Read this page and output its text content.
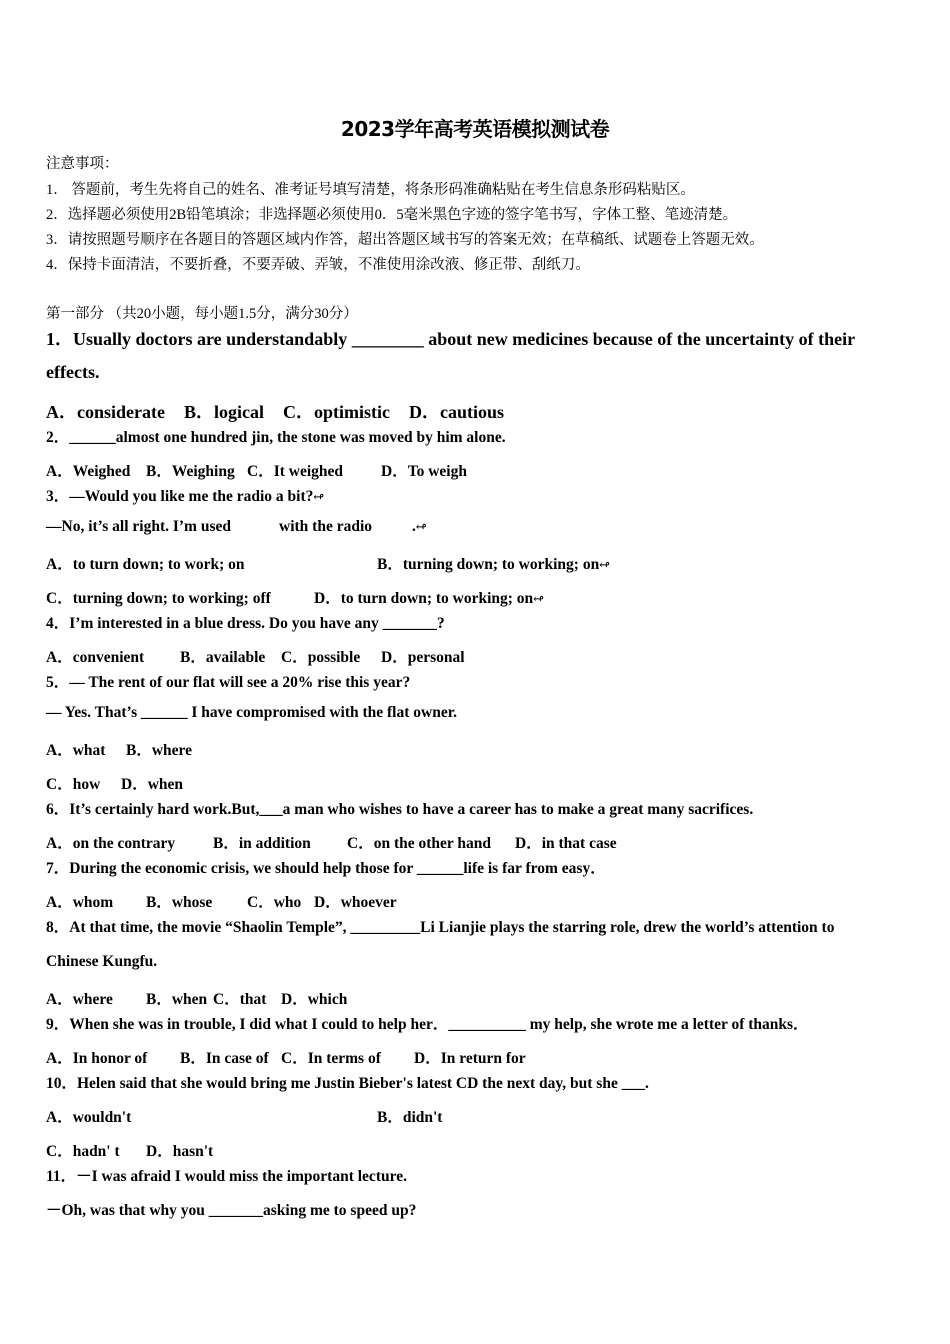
2023学年高考英语模拟测试卷
注意事项：
1． 答题前，考生先将自己的姓名、准考证号填写清楚，将条形码准确粘贴在考生信息条形码粘贴区。
2．选择题必须使用2B铅笔填涂；非选择题必须使用0．5毫米黑色字迹的签字笔书写，字体工整、笔迹清楚。
3．请按照题号顺序在各题目的答题区域内作答，超出答题区域书写的答案无效；在草稿纸、试题卷上答题无效。
4．保持卡面清洁，不要折叠，不要弄破、弄皱，不准使用涂改液、修正带、刮纸刀。
第一部分 （共20小题，每小题1.5分，满分30分）
1．Usually doctors are understandably ________ about new medicines because of the uncertainty of their
effects.
A．considerate B．logical C．optimistic D．cautious
2．______almost one hundred jin, the stone was moved by him alone.
A．Weighed B．Weighing C．It weighed D．To weigh
3．—Would you like me the radio a bit?↫
—No, it’s all right. I’m used	with the radio	.↫
A．to turn down; to work; on	B．turning down; to working; on↫
C．turning down; to working; off	D．to turn down; to working; on↫
4．I’m interested in a blue dress. Do you have any _______?
A．convenient B．available C．possible D．personal
5．— The rent of our flat will see a 20% rise this year?
— Yes. That’s ______ I have compromised with the flat owner.
A．what B．where
C．how D．when
6．It’s certainly hard work.But,___a man who wishes to have a career has to make a great many sacrifices.
A．on the contrary B．in addition C．on the other hand D．in that case
7．During the economic crisis, we should help those for ______life is far from easy．
A．whom B．whose C．who D．whoever
8．At that time, the movie “Shaolin Temple”, _________Li Lianjie plays the starring role, drew the world’s attention to
Chinese Kungfu.
A．where B．when C．that D．which
9．When she was in trouble, I did what I could to help her．__________ my help, she wrote me a letter of thanks．
A．In honor of B．In case of C．In terms of D．In return for
10．Helen said that she would bring me Justin Bieber's latest CD the next day, but she ___.
A．wouldn't	B．didn't
C．hadn' t D．hasn't
11．－I was afraid I would miss the important lecture.
－Oh, was that why you _______asking me to speed up?
